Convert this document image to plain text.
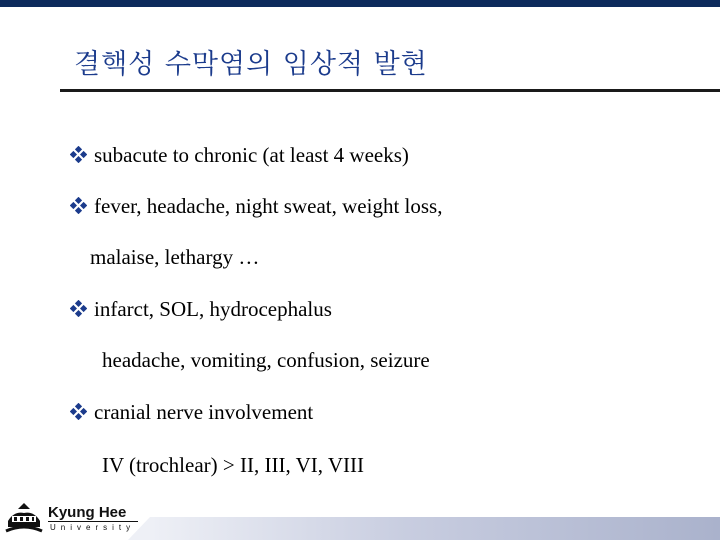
결핵성 수막염의 임상적 발현
subacute to chronic (at least 4 weeks)
fever, headache, night sweat, weight loss,
malaise, lethargy …
infarct, SOL, hydrocephalus
headache, vomiting, confusion, seizure
cranial nerve involvement
IV (trochlear) > II, III, VI, VIII
Kyung Hee
University
